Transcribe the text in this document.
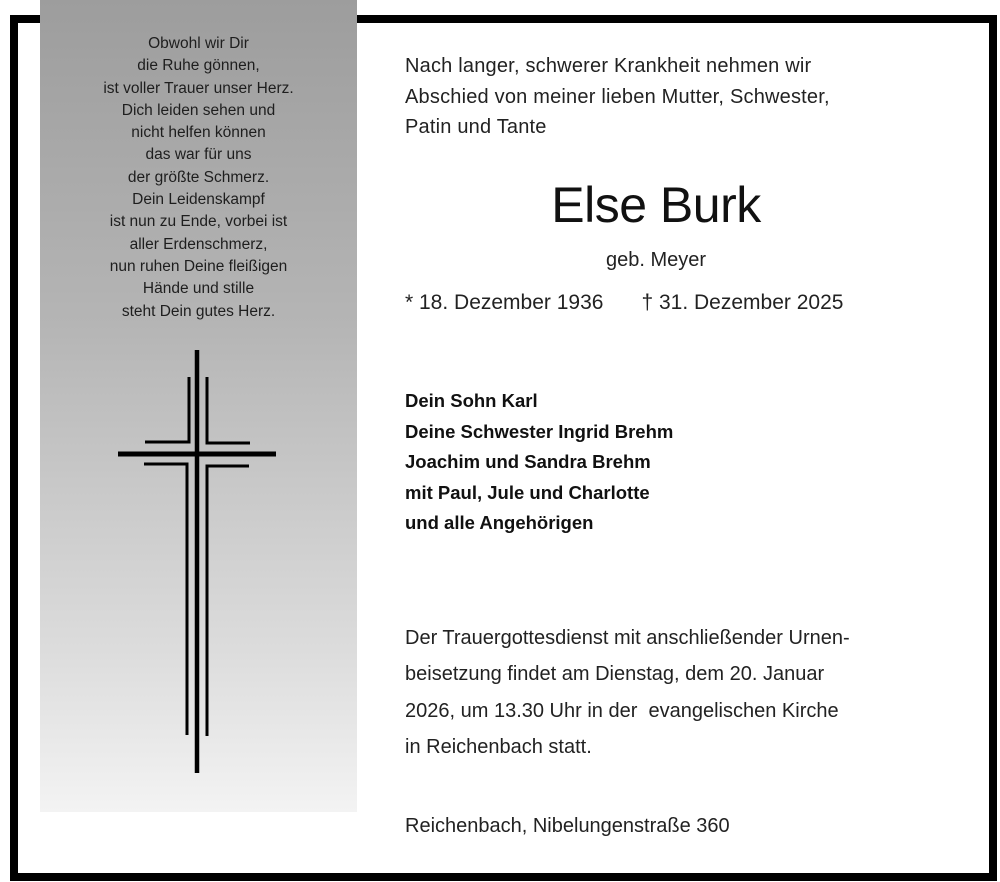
Obwohl wir Dir
die Ruhe gönnen,
ist voller Trauer unser Herz.
Dich leiden sehen und
nicht helfen können
das war für uns
der größte Schmerz.
Dein Leidenskampf
ist nun zu Ende, vorbei ist
aller Erdenschmerz,
nun ruhen Deine fleißigen
Hände und stille
steht Dein gutes Herz.
Nach langer, schwerer Krankheit nehmen wir
Abschied von meiner lieben Mutter, Schwester,
Patin und Tante
Else Burk
geb. Meyer
* 18. Dezember 1936 † 31. Dezember 2025
Dein Sohn Karl
Deine Schwester Ingrid Brehm
Joachim und Sandra Brehm
mit Paul, Jule und Charlotte
und alle Angehörigen
Der Trauergottesdienst mit anschließender Urnen-
beisetzung findet am Dienstag, dem 20. Januar
2026, um 13.30 Uhr in der  evangelischen Kirche
in Reichenbach statt.
Reichenbach, Nibelungenstraße 360
